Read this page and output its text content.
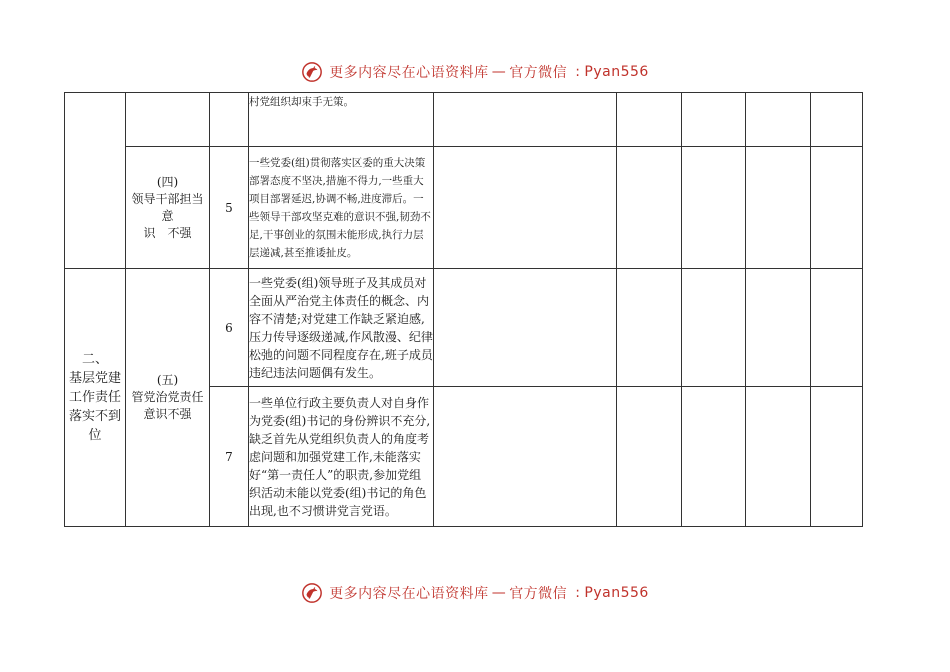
更多内容尽在心语资料库 — 官方微信 : Pyan556
			村党组织却束手无策。					
	(四)
领导干部担当意
识　不强	5	一些党委(组)贯彻落实区委的重大决策部署态度不坚决,措施不得力,一些重大项目部署延迟,协调不畅,进度滞后。一些领导干部攻坚克难的意识不强,韧劲不足,干事创业的氛围未能形成,执行力层层递减,甚至推诿扯皮。					
二、
基层党建
工作责任
落实不到
位	(五)
管党治党责任
意识不强	6	一些党委(组)领导班子及其成员对全面从严治党主体责任的概念、内容不清楚;对党建工作缺乏紧迫感,压力传导逐级递减,作风散漫、纪律松弛的问题不同程度存在,班子成员违纪违法问题偶有发生。					
		7	一些单位行政主要负责人对自身作为党委(组)书记的身份辨识不充分,缺乏首先从党组织负责人的角度考虑问题和加强党建工作,未能落实好“第一责任人”的职责,参加党组织活动未能以党委(组)书记的角色出现,也不习惯讲党言党语。					
更多内容尽在心语资料库 — 官方微信 : Pyan556
